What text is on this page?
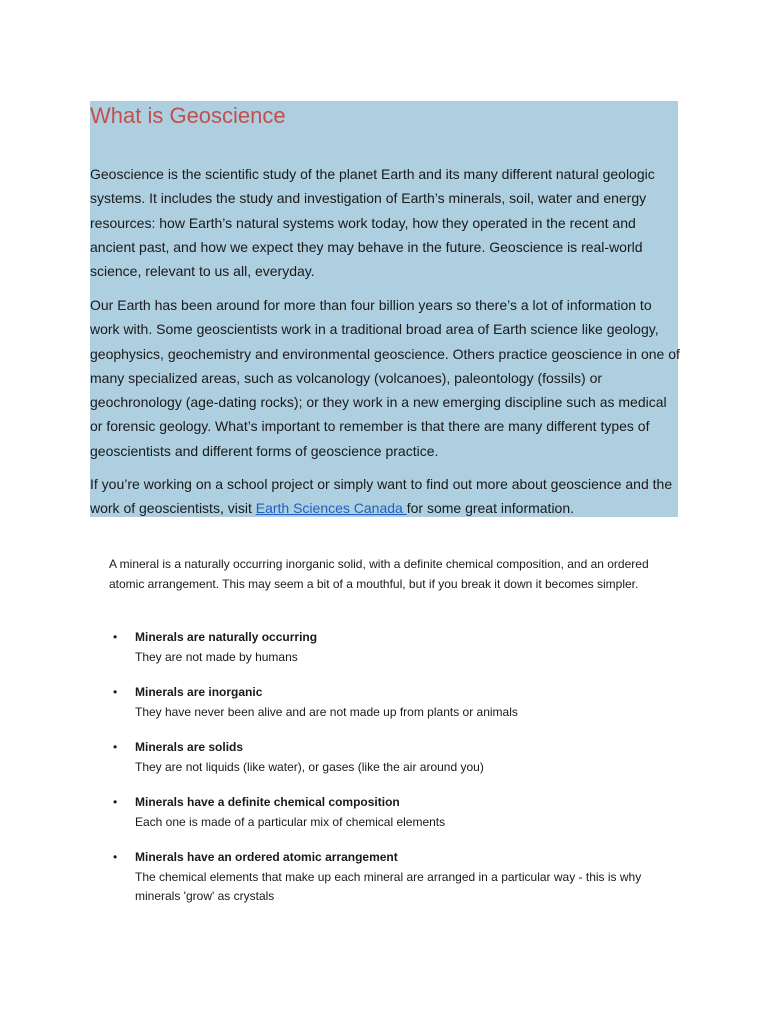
What is Geoscience

Geoscience is the scientific study of the planet Earth and its many different natural geologic systems. It includes the study and investigation of Earth’s minerals, soil, water and energy resources: how Earth’s natural systems work today, how they operated in the recent and ancient past, and how we expect they may behave in the future. Geoscience is real-world science, relevant to us all, everyday.

Our Earth has been around for more than four billion years so there’s a lot of information to work with. Some geoscientists work in a traditional broad area of Earth science like geology, geophysics, geochemistry and environmental geoscience. Others practice geoscience in one of many specialized areas, such as volcanology (volcanoes), paleontology (fossils) or geochronology (age-dating rocks); or they work in a new emerging discipline such as medical or forensic geology. What’s important to remember is that there are many different types of geoscientists and different forms of geoscience practice.

If you’re working on a school project or simply want to find out more about geoscience and the work of geoscientists, visit Earth Sciences Canada for some great information.

A mineral is a naturally occurring inorganic solid, with a definite chemical composition, and an ordered atomic arrangement. This may seem a bit of a mouthful, but if you break it down it becomes simpler.

• Minerals are naturally occurring
They are not made by humans
• Minerals are inorganic
They have never been alive and are not made up from plants or animals
• Minerals are solids
They are not liquids (like water), or gases (like the air around you)
• Minerals have a definite chemical composition
Each one is made of a particular mix of chemical elements
• Minerals have an ordered atomic arrangement
The chemical elements that make up each mineral are arranged in a particular way - this is why minerals 'grow' as crystals
